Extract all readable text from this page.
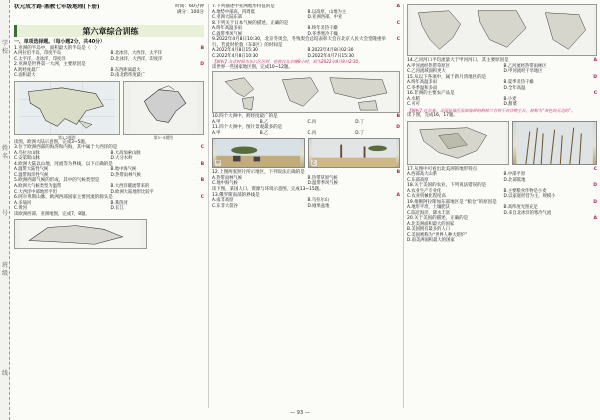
学
校
姓
名
班
级
号
线
状元成才路·湘教七年级地理(下册)	时间：60分钟
满分：100分
第六章综合训练
一、单项选择题。（每小题2分，共40分）
1.亚洲的半岛中，面积最大的半岛是（　）	B
A.阿拉伯半岛，印度半岛	B.北冰洋，大西洋，太平洋
C.太平洋，北冰洋，印度洋	D.北冰洋，大西洋，印度洋
2.亚洲是世界第一大洲，主要原因是	D
A.跨经度最广	B.东西距离最大
C.面积最大	D.南北跨纬度最广
第1,2题图	第3~5题图
读图，欧洲大陆示意图，完成3~5题。
3.位于欧洲西部的海湾和内海，其中属于大西洋的是	C
A.乌拉尔山脉	B.大高加索山脉
C.安第斯山脉	D.大分水岭
4.欧洲大陆以山地，河流等为界线，以下正确的是	B
A.温带大陆性气候	B.地中海气候
C.温带海洋性气候	D.热带雨林气候
5.欧洲西部气候的形成，其中的气候类型是	B
A.欧洲大气候类型为温带	B.大西洋暖流带来的
C.大西洋中部地形平坦	D.欧洲大陆地形比较平
6.阿尔卑斯山脉，欧洲西部国家主要河流的源头是	C
A.多瑙河	B.莱茵河
C.黄河	D.长江
读欧洲西部，亚洲地图，完成7，8题。
7.下列描述中亚洲地形特征的是	A
A.地势中部高，四周低	B.以高原，山地为主
C.亚洲大陆东部	D.亚洲西部，中亚
8.下列关于日本气候的描述，正确的是	C
A.终年高温多雨	B.终年炎热干燥
C.温带季风气候	D.冬季寒冷干燥
9.2022年4月8日10:30，北京冬奥会，冬残奥会总结表彰大会在北京人民大会堂隆重举行。若此时伦敦（东0区）的时间是
C
A.2022年4月8日15:30	B.2022年4月8日02:30
C.2022年4月8日10:30	D.2022年4月7日15:30
【解析】北京时间为东八区区时，伦敦比北京晚8小时，故为2022年4月8日2:30。
读世界一些国家地区图，完成10~12题。
10.四个大洲中，跨经度最广的是	B
A.甲	B.乙	C.丙	D.丁
11.四个大洲中，图片景观最多的是	D
A.甲	B.乙	C.丙	D.丁
甲	乙
12.上图两张照片所示地区，下列说法正确的是	B
A.热带雨林气候	B.热带草原气候
C.地中海气候	D.温带季风气候
读下图，某国人口，资源与环境示意图，完成13~15题。
13.俄罗斯南部的界线是	A
A.南非高原	B.乌拉尔山
C.东非大裂谷	D.刚果盆地
14.乙河河口平均流量大于甲河河口，其主要原因是	A
A.甲河流经热带草原区	B.乙河流经热带雨林区
C.乙河流域面积更大	D.甲河流经干旱地区
15.从以下各项中，属于新月湾地区的是	D
A.终年高温多雨	B.夏季炎热干燥
C.冬季温和多雨	D.全年高温
16.非洲的主要农产品是	C
A.水稻	B.小麦
C.可可	D.甜菜
【解析】近年来，美国某地区沿海地带的格林兰有利于农作物生长，被称为“灰色的无边的”。
读下图，完成16，17题。
17.从图中可看出北美洲的地形特点	C
A.西部高大山系	B.中部平原
C.东部高原	D.北部低地
18.关于美国的农业，下列说法错误的是	D
A.农业生产专业化	B.主要粮食作物是小麦
C.农业机械化程度高	D.以家庭经营为主，规模小
19.推断阿拉斯加东部地区是 “粮仓”的原因是	D
A.地形平坦，土壤肥沃	B.高纬度光照充足
C.临近海洋，降水丰富	D.来自北冰洋的寒冷气流
20.关于美国的描述，正确的是	A
A.北美洲面积最大的国家
B.美国拥有最多的人口
C.美国被称为“世界人种大熔炉”
D.南美洲面积最大的国家
— 93 —
